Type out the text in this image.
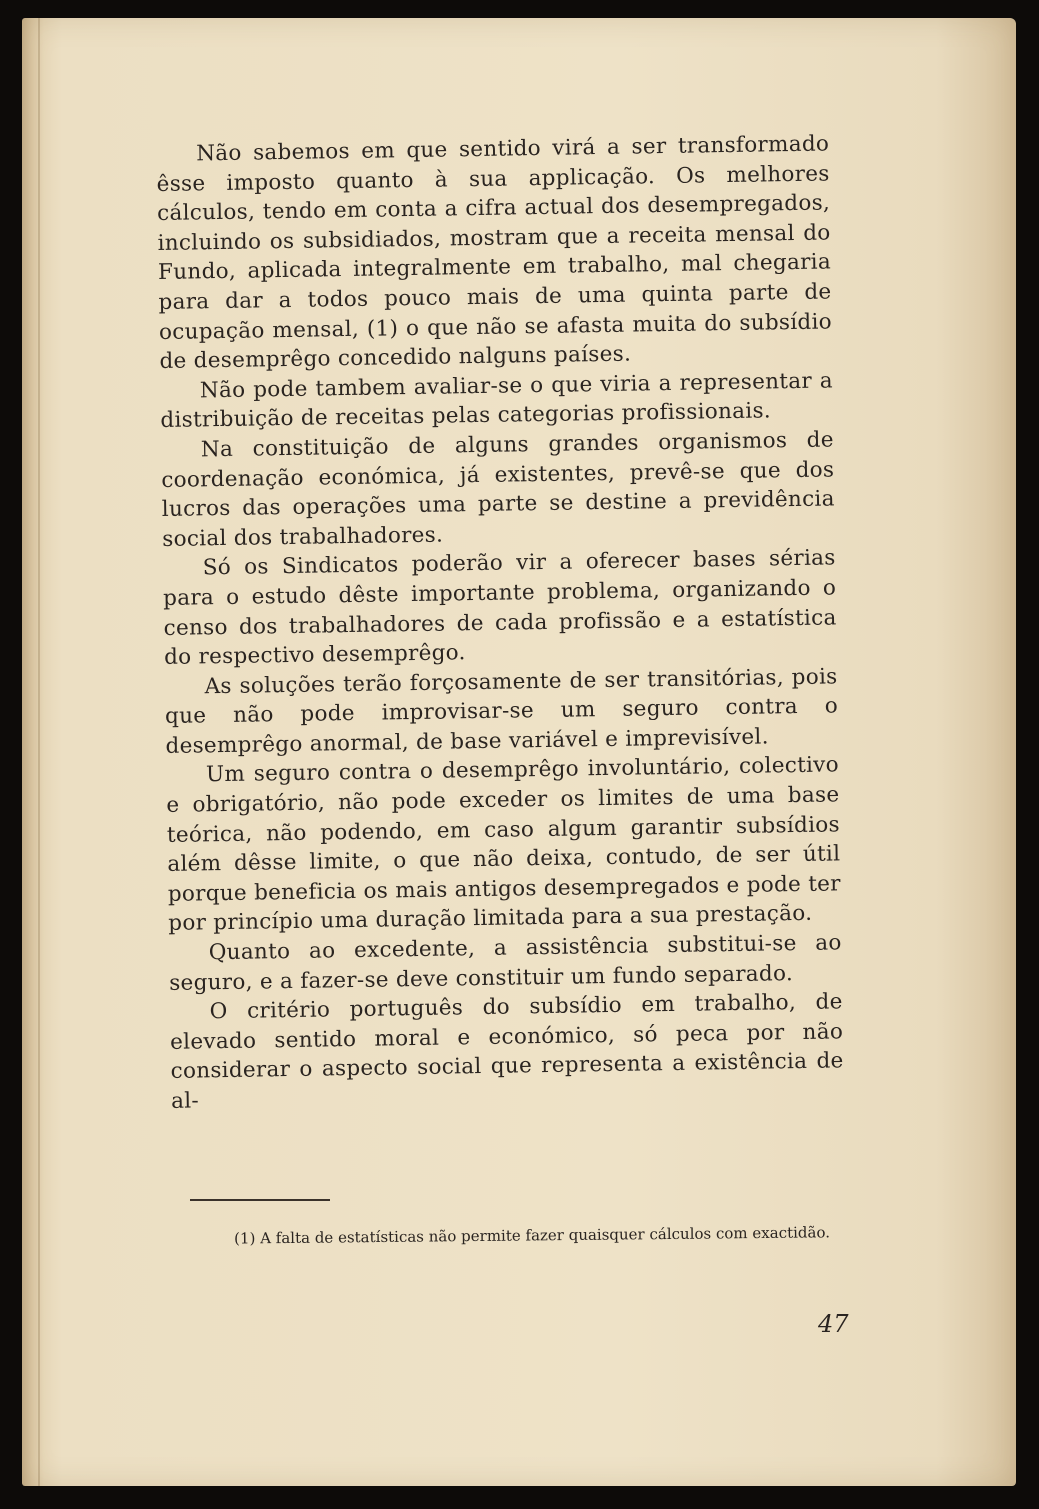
Não sabemos em que sentido virá a ser transformado êsse imposto quanto à sua applicação. Os melhores cálculos, tendo em conta a cifra actual dos desempregados, incluindo os subsidiados, mostram que a receita mensal do Fundo, aplicada integralmente em trabalho, mal chegaria para dar a todos pouco mais de uma quinta parte de ocupação mensal, (1) o que não se afasta muita do subsídio de desemprêgo concedido nalguns países.

Não pode tambem avaliar-se o que viria a representar a distribuição de receitas pelas categorias profissionais.

Na constituição de alguns grandes organismos de coordenação económica, já existentes, prevê-se que dos lucros das operações uma parte se destine a previdência social dos trabalhadores.

Só os Sindicatos poderão vir a oferecer bases sérias para o estudo dêste importante problema, organizando o censo dos trabalhadores de cada profissão e a estatística do respectivo desemprêgo.

As soluções terão forçosamente de ser transitórias, pois que não pode improvisar-se um seguro contra o desemprêgo anormal, de base variável e imprevisível.

Um seguro contra o desemprêgo involuntário, colectivo e obrigatório, não pode exceder os limites de uma base teórica, não podendo, em caso algum garantir subsídios além dêsse limite, o que não deixa, contudo, de ser útil porque beneficia os mais antigos desempregados e pode ter por princípio uma duração limitada para a sua prestação.

Quanto ao excedente, a assistência substitui-se ao seguro, e a fazer-se deve constituir um fundo separado.

O critério português do subsídio em trabalho, de elevado sentido moral e económico, só peca por não considerar o aspecto social que representa a existência de al-

(1) A falta de estatísticas não permite fazer quaisquer cálculos com exactidão.
47
